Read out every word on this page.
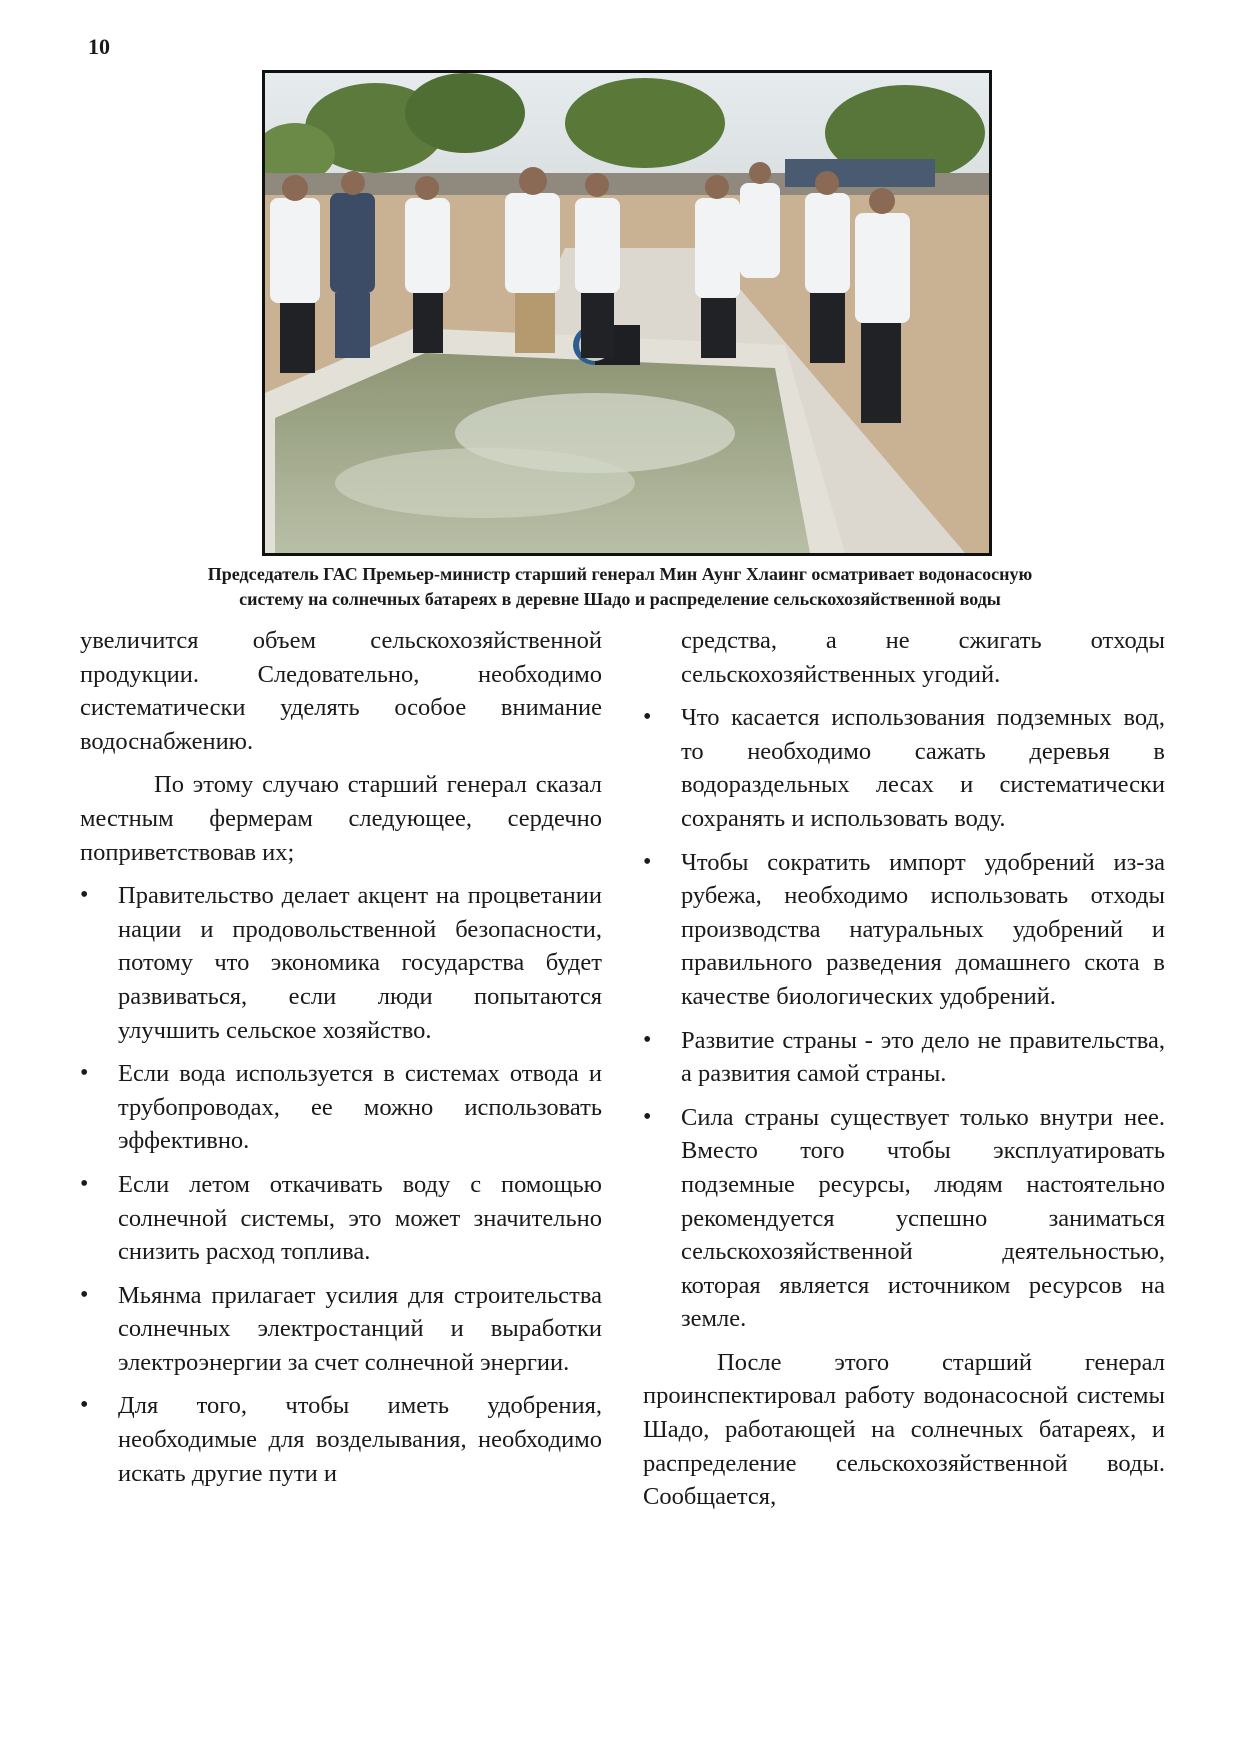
10
Председатель ГАС Премьер-министр старший генерал Мин Аунг Хлаинг осматривает водонасосную
систему на солнечных батареях в деревне Шадо и распределение сельскохозяйственной воды

увеличится объем сельскохозяйственной продукции. Следовательно, необходимо систематически уделять особое внимание водоснабжению.

По этому случаю старший генерал сказал местным фермерам следующее, сердечно поприветствовав их;

• Правительство делает акцент на процветании нации и продовольственной безопасности, потому что экономика государства будет развиваться, если люди попытаются улучшить сельское хозяйство.
• Если вода используется в системах отвода и трубопроводах, ее можно использовать эффективно.
• Если летом откачивать воду с помощью солнечной системы, это может значительно снизить расход топлива.
• Мьянма прилагает усилия для строительства солнечных электростанций и выработки электроэнергии за счет солнечной энергии.
• Для того, чтобы иметь удобрения, необходимые для возделывания, необходимо искать другие пути и

средства, а не сжигать отходы сельскохозяйственных угодий.

• Что касается использования подземных вод, то необходимо сажать деревья в водораздельных лесах и систематически сохранять и использовать воду.
• Чтобы сократить импорт удобрений из-за рубежа, необходимо использовать отходы производства натуральных удобрений и правильного разведения домашнего скота в качестве биологических удобрений.
• Развитие страны - это дело не правительства, а развития самой страны.
• Сила страны существует только внутри нее. Вместо того чтобы эксплуатировать подземные ресурсы, людям настоятельно рекомендуется успешно заниматься сельскохозяйственной деятельностью, которая является источником ресурсов на земле.

После этого старший генерал проинспектировал работу водонасосной системы Шадо, работающей на солнечных батареях, и распределение сельскохозяйственной воды. Сообщается,
